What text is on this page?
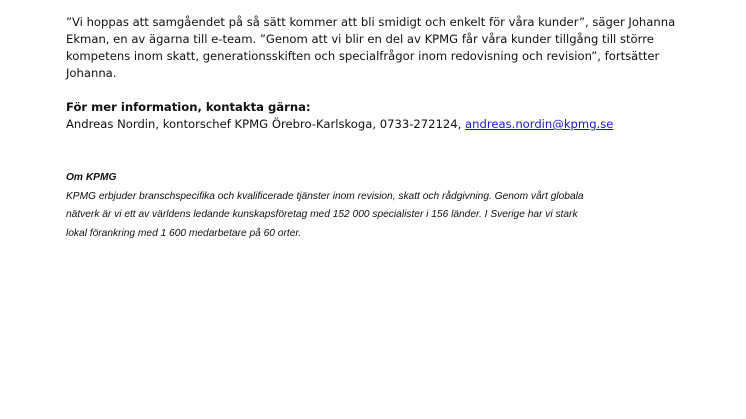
”Vi hoppas att samgåendet på så sätt kommer att bli smidigt och enkelt för våra kunder”, säger Johanna
Ekman, en av ägarna till e-team. ”Genom att vi blir en del av KPMG får våra kunder tillgång till större
kompetens inom skatt, generationsskiften och specialfrågor inom redovisning och revision”, fortsätter
Johanna.
För mer information, kontakta gärna:
Andreas Nordin, kontorschef KPMG Örebro-Karlskoga, 0733-272124, andreas.nordin@kpmg.se
Om KPMG
KPMG erbjuder branschspecifika och kvalificerade tjänster inom revision, skatt och rådgivning. Genom vårt globala
nätverk är vi ett av världens ledande kunskapsföretag med 152 000 specialister i 156 länder. I Sverige har vi stark
lokal förankring med 1 600 medarbetare på 60 orter.
